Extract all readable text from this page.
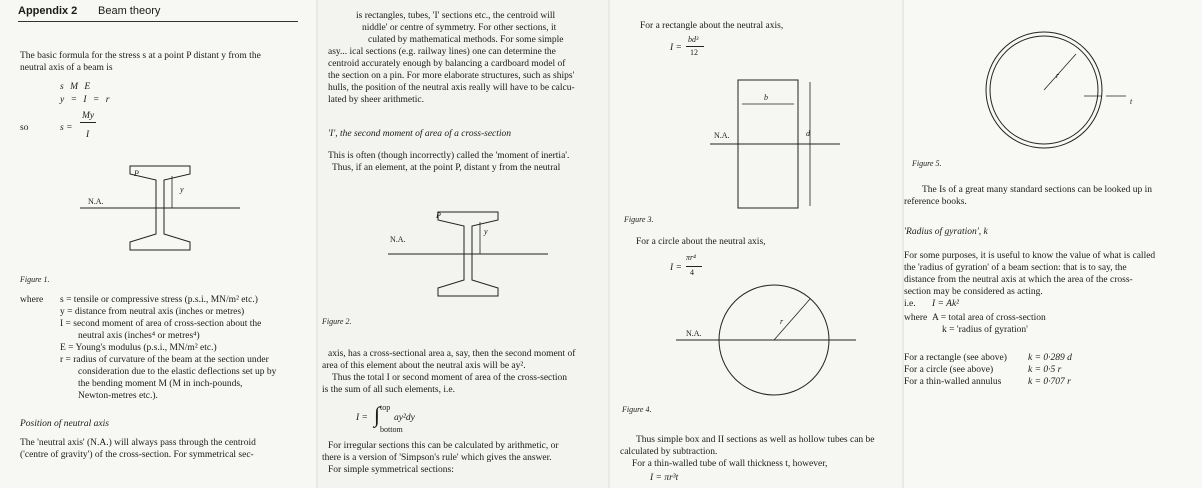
Appendix 2 Beam theory
The basic formula for the stress s at a point P distant y from the
neutral axis of a beam is
s M E
y = I = r
so
My
s =
I
N.A.
P
y
Figure 1.
where s = tensile or compressive stress (p.s.i., MN/m² etc.)
y = distance from neutral axis (inches or metres)
I = second moment of area of cross-section about the
neutral axis (inches⁴ or metres⁴)
E = Young's modulus (p.s.i., MN/m² etc.)
r = radius of curvature of the beam at the section under
consideration due to the elastic deflections set up by
the bending moment M (M in inch-pounds,
Newton-metres etc.).
Position of neutral axis
The 'neutral axis' (N.A.) will always pass through the centroid
('centre of gravity') of the cross-section. For symmetrical sec-
is rectangles, tubes, 'I' sections etc., the centroid will
niddle' or centre of symmetry. For other sections, it
culated by mathematical methods. For some simple
asy... ical sections (e.g. railway lines) one can determine the
centroid accurately enough by balancing a cardboard model of
the section on a pin. For more elaborate structures, such as ships'
hulls, the position of the neutral axis really will have to be calcu-
lated by sheer arithmetic.
'I', the second moment of area of a cross-section
This is often (though incorrectly) called the 'moment of inertia'.
Thus, if an element, at the point P, distant y from the neutral
N.A.
P
y
Figure 2.
axis, has a cross-sectional area a, say, then the second moment of
area of this element about the neutral axis will be ay².
Thus the total I or second moment of area of the cross-section
is the sum of all such elements, i.e.
top
I = ∫ ay²dy
bottom
For irregular sections this can be calculated by arithmetic, or
there is a version of 'Simpson's rule' which gives the answer.
For simple symmetrical sections:
For a rectangle about the neutral axis,
I =
bd³
12
b
d
N.A.
Figure 3.
For a circle about the neutral axis,
I =
πr⁴
4
N.A.
r
Figure 4.
Thus simple box and II sections as well as hollow tubes can be
calculated by subtraction.
For a thin-walled tube of wall thickness t, however,
I = πr³t
r
t
Figure 5.
The Is of a great many standard sections can be looked up in
reference books.
'Radius of gyration', k
For some purposes, it is useful to know the value of what is called
the 'radius of gyration' of a beam section: that is to say, the
distance from the neutral axis at which the area of the cross-
section may be considered as acting.
i.e. I = Ak²
where A = total area of cross-section
k = 'radius of gyration'
For a rectangle (see above) k = 0·289 d
For a circle (see above)	k = 0·5 r
For a thin-walled annulus	k = 0·707 r
